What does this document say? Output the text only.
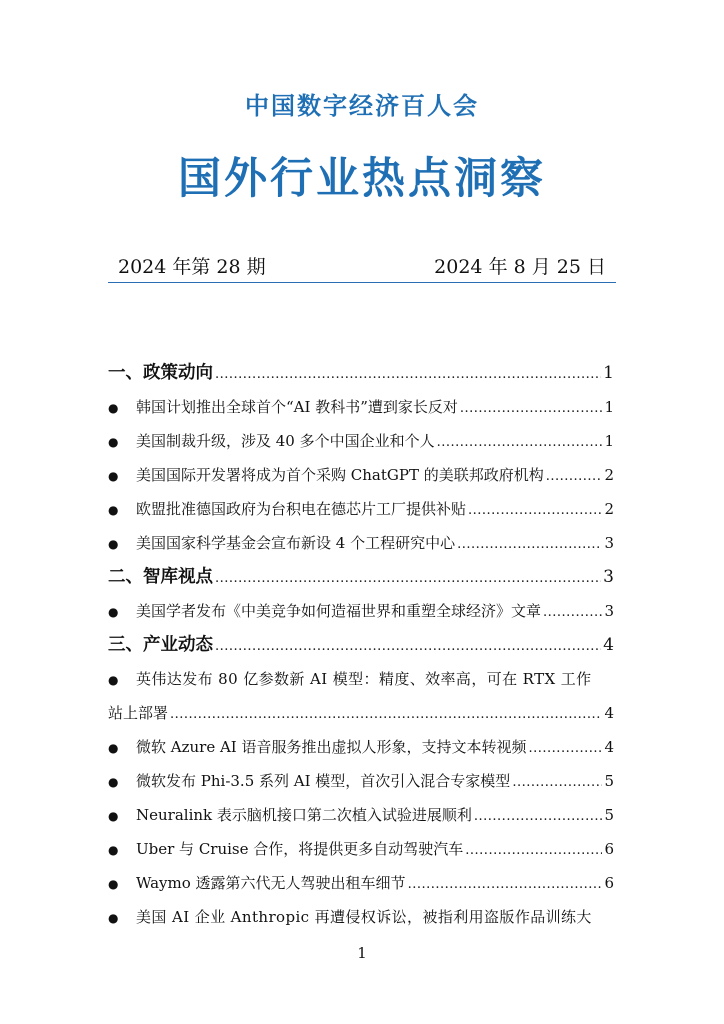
中国数字经济百人会
国外行业热点洞察
2024 年第 28 期	2024 年 8 月 25 日
一、政策动向 .....	1
●	韩国计划推出全球首个“AI 教科书”遭到家长反对 .....	1
●	美国制裁升级，涉及 40 多个中国企业和个人 .....	1
●	美国国际开发署将成为首个采购 ChatGPT 的美联邦政府机构 .....	2
●	欧盟批准德国政府为台积电在德芯片工厂提供补贴 .....	2
●	美国国家科学基金会宣布新设 4 个工程研究中心 .....	3
二、智库视点 .....	3
●	美国学者发布《中美竞争如何造福世界和重塑全球经济》文章 .....	3
三、产业动态 .....	4
● 英伟达发布 80 亿参数新 AI 模型：精度、效率高，可在 RTX 工作
站上部署 .....	4
●	微软 Azure AI 语音服务推出虚拟人形象，支持文本转视频 .....	4
●	微软发布 Phi-3.5 系列 AI 模型，首次引入混合专家模型 .....	5
●	Neuralink 表示脑机接口第二次植入试验进展顺利 .....	5
●	Uber 与 Cruise 合作，将提供更多自动驾驶汽车 .....	6
●	Waymo 透露第六代无人驾驶出租车细节 .....	6
● 美国 AI 企业 Anthropic 再遭侵权诉讼，被指利用盗版作品训练大
1
